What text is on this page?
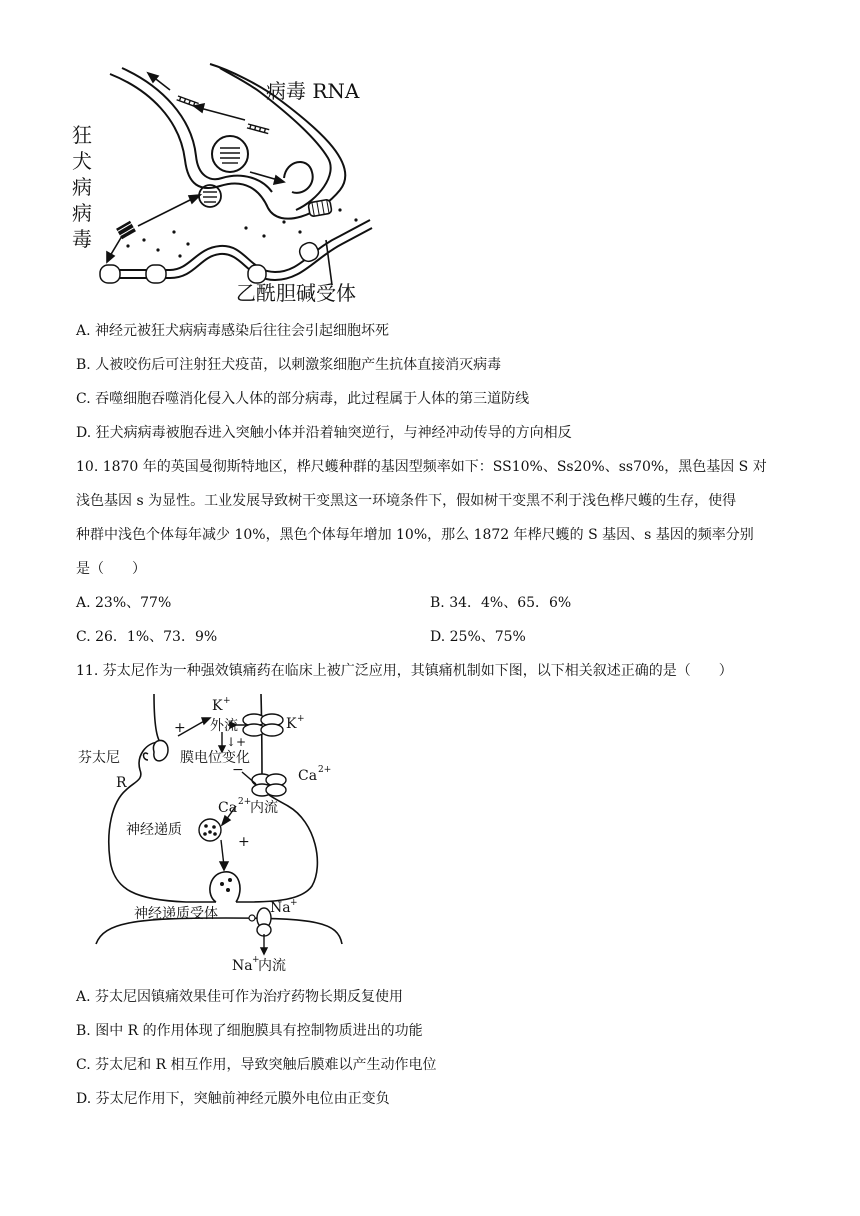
病毒 RNA
狂
犬
病
病
毒
乙酰胆碱受体
A. 神经元被狂犬病病毒感染后往往会引起细胞坏死
B. 人被咬伤后可注射狂犬疫苗，以刺激浆细胞产生抗体直接消灭病毒
C. 吞噬细胞吞噬消化侵入人体的部分病毒，此过程属于人体的第三道防线
D. 狂犬病病毒被胞吞进入突触小体并沿着轴突逆行，与神经冲动传导的方向相反
10. 1870 年的英国曼彻斯特地区，桦尺蠖种群的基因型频率如下：SS10%、Ss20%、ss70%，黑色基因 S 对
浅色基因 s 为显性。工业发展导致树干变黑这一环境条件下，假如树干变黑不利于浅色桦尺蠖的生存，使得
种群中浅色个体每年减少 10%，黑色个体每年增加 10%，那么 1872 年桦尺蠖的 S 基因、s 基因的频率分别
是（　　）
A. 23%、77%	B. 34．4%、65．6%
C. 26．1%、73．9%	D. 25%、75%
11. 芬太尼作为一种强效镇痛药在临床上被广泛应用，其镇痛机制如下图，以下相关叙述正确的是（　　）
+
K +
K +
外流
↓+
芬太尼	膜电位变化
R
−	Ca 2+
Ca 2+
内流
神经递质
+
神经递质受体	Na +
Na +
内流
A. 芬太尼因镇痛效果佳可作为治疗药物长期反复使用
B. 图中 R 的作用体现了细胞膜具有控制物质进出的功能
C. 芬太尼和 R 相互作用，导致突触后膜难以产生动作电位
D. 芬太尼作用下，突触前神经元膜外电位由正变负
